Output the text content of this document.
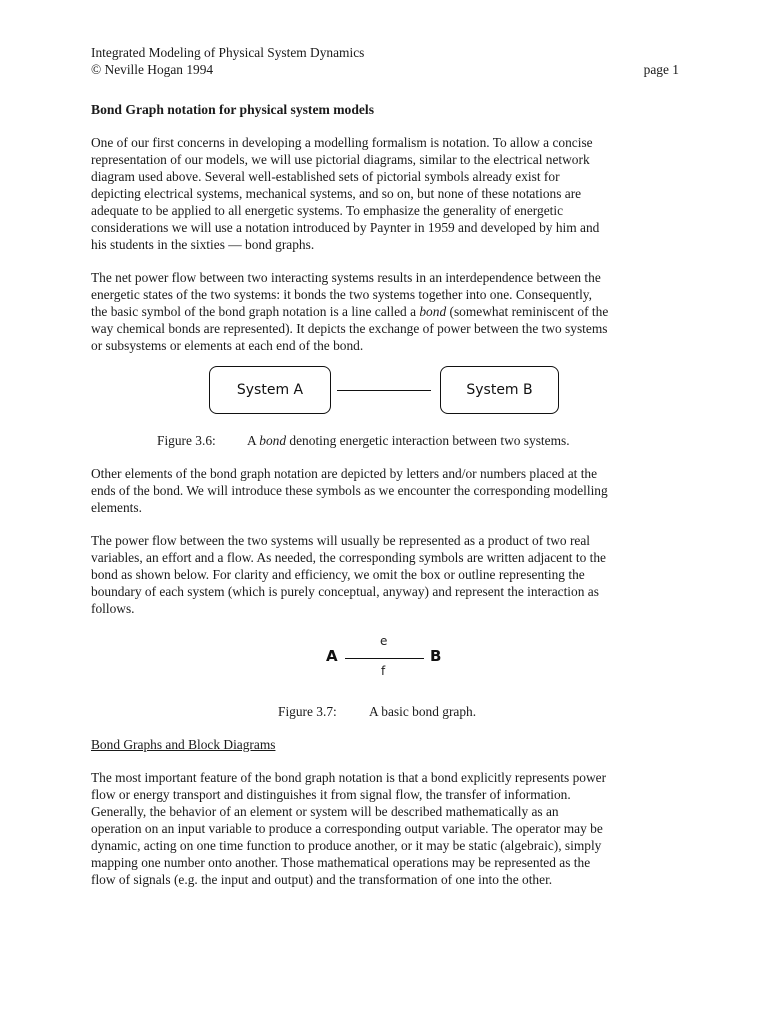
Integrated Modeling of Physical System Dynamics

© Neville Hogan 1994	page 1

Bond Graph notation for physical system models

One of our first concerns in developing a modelling formalism is notation. To allow a concise

representation of our models, we will use pictorial diagrams, similar to the electrical network

diagram used above. Several well-established sets of pictorial symbols already exist for

depicting electrical systems, mechanical systems, and so on, but none of these notations are

adequate to be applied to all energetic systems. To emphasize the generality of energetic

considerations we will use a notation introduced by Paynter in 1959 and developed by him and

his students in the sixties — bond graphs.

The net power flow between two interacting systems results in an interdependence between the

energetic states of the two systems: it bonds the two systems together into one. Consequently,

the basic symbol of the bond graph notation is a line called a bond (somewhat reminiscent of the

way chemical bonds are represented). It depicts the exchange of power between the two systems

or subsystems or elements at each end of the bond.

System A	System B

Figure 3.6: A bond denoting energetic interaction between two systems.

Other elements of the bond graph notation are depicted by letters and/or numbers placed at the

ends of the bond. We will introduce these symbols as we encounter the corresponding modelling

elements.

The power flow between the two systems will usually be represented as a product of two real

variables, an effort and a flow. As needed, the corresponding symbols are written adjacent to the

bond as shown below. For clarity and efficiency, we omit the box or outline representing the

boundary of each system (which is purely conceptual, anyway) and represent the interaction as

follows.

A	B
e
f

Figure 3.7: A basic bond graph.

Bond Graphs and Block Diagrams

The most important feature of the bond graph notation is that a bond explicitly represents power

flow or energy transport and distinguishes it from signal flow, the transfer of information.

Generally, the behavior of an element or system will be described mathematically as an

operation on an input variable to produce a corresponding output variable. The operator may be

dynamic, acting on one time function to produce another, or it may be static (algebraic), simply

mapping one number onto another. Those mathematical operations may be represented as the

flow of signals (e.g. the input and output) and the transformation of one into the other.
